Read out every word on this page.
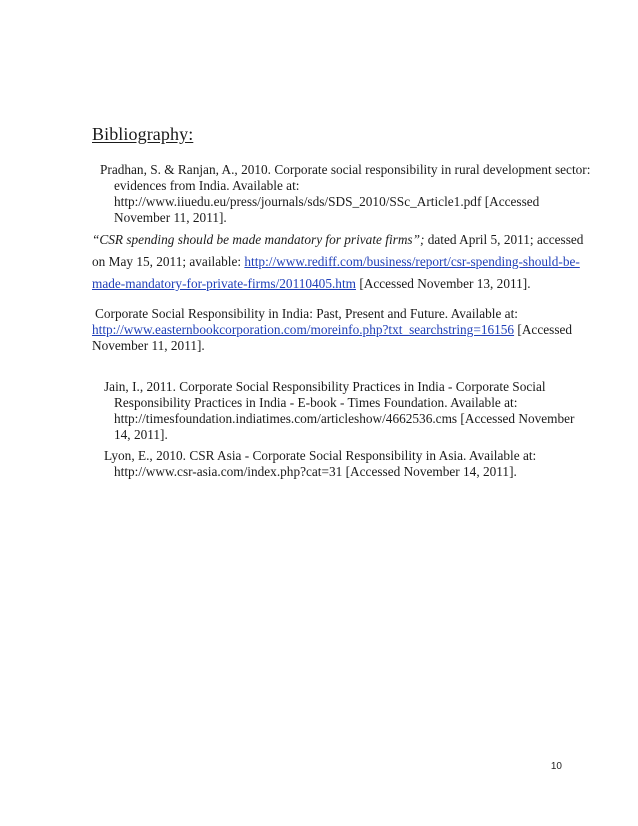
Bibliography:
Pradhan, S. & Ranjan, A., 2010. Corporate social responsibility in rural development sector:
evidences from India. Available at:
http://www.iiuedu.eu/press/journals/sds/SDS_2010/SSc_Article1.pdf [Accessed
November 11, 2011].
“CSR spending should be made mandatory for private firms”; dated April 5, 2011; accessed
on May 15, 2011; available: http://www.rediff.com/business/report/csr-spending-should-be-
made-mandatory-for-private-firms/20110405.htm [Accessed November 13, 2011].
Corporate Social Responsibility in India: Past, Present and Future. Available at:
http://www.easternbookcorporation.com/moreinfo.php?txt_searchstring=16156 [Accessed
November 11, 2011].
Jain, I., 2011. Corporate Social Responsibility Practices in India - Corporate Social
Responsibility Practices in India - E-book - Times Foundation. Available at:
http://timesfoundation.indiatimes.com/articleshow/4662536.cms [Accessed November
14, 2011].
Lyon, E., 2010. CSR Asia - Corporate Social Responsibility in Asia. Available at:
http://www.csr-asia.com/index.php?cat=31 [Accessed November 14, 2011].
10
